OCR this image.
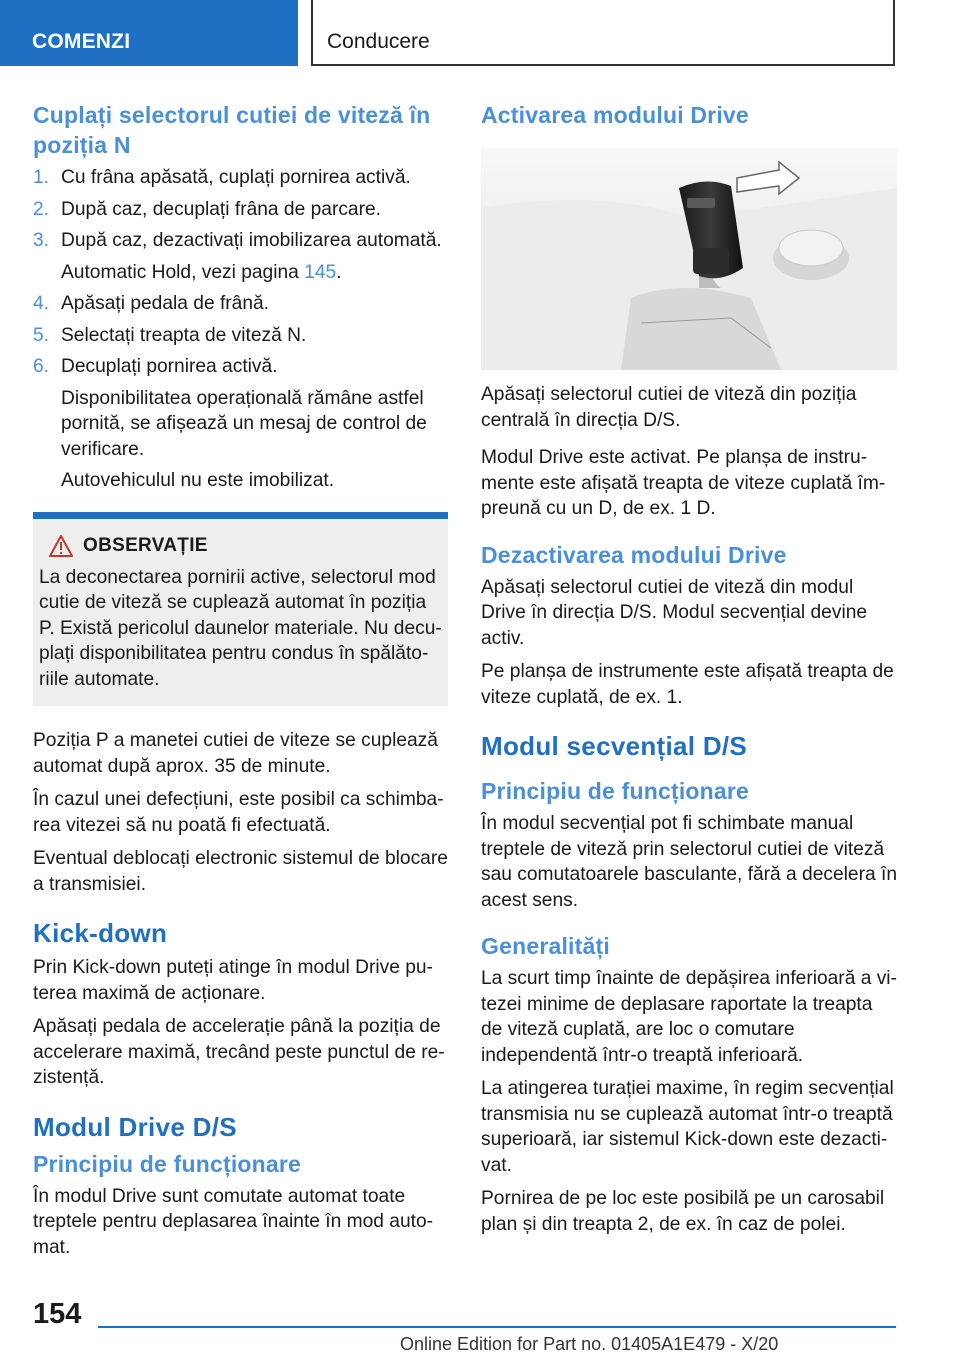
COMENZI	Conducere
Cuplați selectorul cutiei de viteză în poziția N
1. Cu frâna apăsată, cuplați pornirea activă.
2. După caz, decuplați frâna de parcare.
3. După caz, dezactivați imobilizarea automată.
Automatic Hold, vezi pagina 145.
4. Apăsați pedala de frână.
5. Selectați treapta de viteză N.
6. Decuplați pornirea activă.
Disponibilitatea operațională rămâne astfel pornită, se afișează un mesaj de control de verificare.
Autovehiculul nu este imobilizat.
OBSERVAȚIE

La deconectarea pornirii active, selectorul mod cutie de viteză se cuplează automat în poziția P. Există pericolul daunelor materiale. Nu decuplați disponibilitatea pentru condus în spălătoriile automate.

Poziția P a manetei cutiei de viteze se cuplează automat după aprox. 35 de minute.

În cazul unei defecțiuni, este posibil ca schimbarea vitezei să nu poată fi efectuată.

Eventual deblocați electronic sistemul de blocare a transmisiei.

Kick-down

Prin Kick-down puteți atinge în modul Drive puterea maximă de acționare.

Apăsați pedala de accelerație până la poziția de accelerare maximă, trecând peste punctul de rezistență.

Modul Drive D/S
Principiu de funcționare

În modul Drive sunt comutate automat toate treptele pentru deplasarea înainte în mod automat.

Activarea modului Drive

Apăsați selectorul cutiei de viteză din poziția centrală în direcția D/S.

Modul Drive este activat. Pe planșa de instrumente este afișată treapta de viteze cuplată împreună cu un D, de ex. 1 D.

Dezactivarea modului Drive

Apăsați selectorul cutiei de viteză din modul Drive în direcția D/S. Modul secvențial devine activ.

Pe planșa de instrumente este afișată treapta de viteze cuplată, de ex. 1.

Modul secvențial D/S
Principiu de funcționare

În modul secvențial pot fi schimbate manual treptele de viteză prin selectorul cutiei de viteză sau comutatoarele basculante, fără a decelera în acest sens.

Generalități

La scurt timp înainte de depășirea inferioară a vitezei minime de deplasare raportate la treapta de viteză cuplată, are loc o comutare independentă într-o treaptă inferioară.

La atingerea turației maxime, în regim secvențial transmisia nu se cuplează automat într-o treaptă superioară, iar sistemul Kick-down este dezactivat.

Pornirea de pe loc este posibilă pe un carosabil plan și din treapta 2, de ex. în caz de polei.

154
Online Edition for Part no. 01405A1E479 - X/20
